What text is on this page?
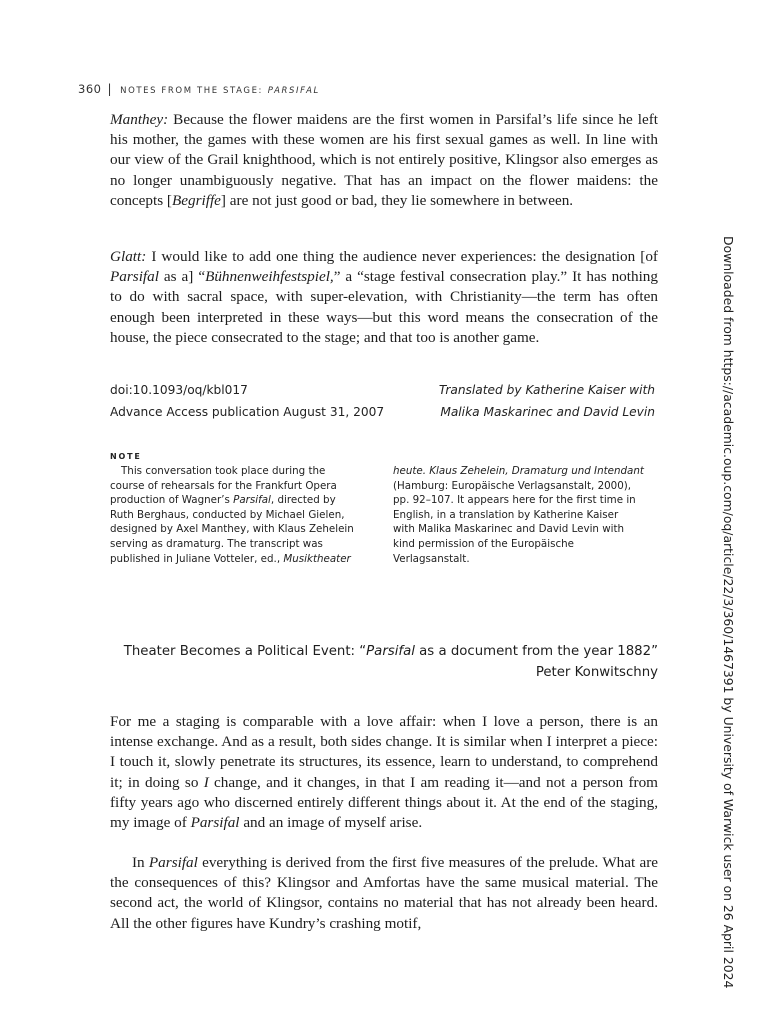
360 | NOTES FROM THE STAGE: PARSIFAL

Manthey: Because the flower maidens are the first women in Parsifal’s life since he left his mother, the games with these women are his first sexual games as well. In line with our view of the Grail knighthood, which is not entirely positive, Klingsor also emerges as no longer unambiguously negative. That has an impact on the flower maidens: the concepts [Begriffe] are not just good or bad, they lie somewhere in between.

Glatt: I would like to add one thing the audience never experiences: the designation [of Parsifal as a] “Bühnenweihfestspiel,” a “stage festival consecration play.” It has nothing to do with sacral space, with super-elevation, with Christianity—the term has often enough been interpreted in these ways—but this word means the consecration of the house, the piece consecrated to the stage; and that too is another game.

doi:10.1093/oq/kbl017
Advance Access publication August 31, 2007
Translated by Katherine Kaiser with
Malika Maskarinec and David Levin
NOTE
This conversation took place during the
course of rehearsals for the Frankfurt Opera
production of Wagner’s Parsifal, directed by
Ruth Berghaus, conducted by Michael Gielen,
designed by Axel Manthey, with Klaus Zehelein
serving as dramaturg. The transcript was
published in Juliane Votteler, ed., Musiktheater
heute. Klaus Zehelein, Dramaturg und Intendant
(Hamburg: Europäische Verlagsanstalt, 2000),
pp. 92–107. It appears here for the first time in
English, in a translation by Katherine Kaiser
with Malika Maskarinec and David Levin with
kind permission of the Europäische
Verlagsanstalt.
Theater Becomes a Political Event: “Parsifal as a document from the year 1882”
Peter Konwitschny

For me a staging is comparable with a love affair: when I love a person, there is an intense exchange. And as a result, both sides change. It is similar when I interpret a piece: I touch it, slowly penetrate its structures, its essence, learn to understand, to comprehend it; in doing so I change, and it changes, in that I am reading it—and not a person from fifty years ago who discerned entirely different things about it. At the end of the staging, my image of Parsifal and an image of myself arise.

In Parsifal everything is derived from the first five measures of the prelude. What are the consequences of this? Klingsor and Amfortas have the same musical material. The second act, the world of Klingsor, contains no material that has not already been heard. All the other figures have Kundry’s crashing motif,	Downloaded from https://academic.oup.com/oq/article/22/3/360/1467391 by University of Warwick user on 26 April 2024
